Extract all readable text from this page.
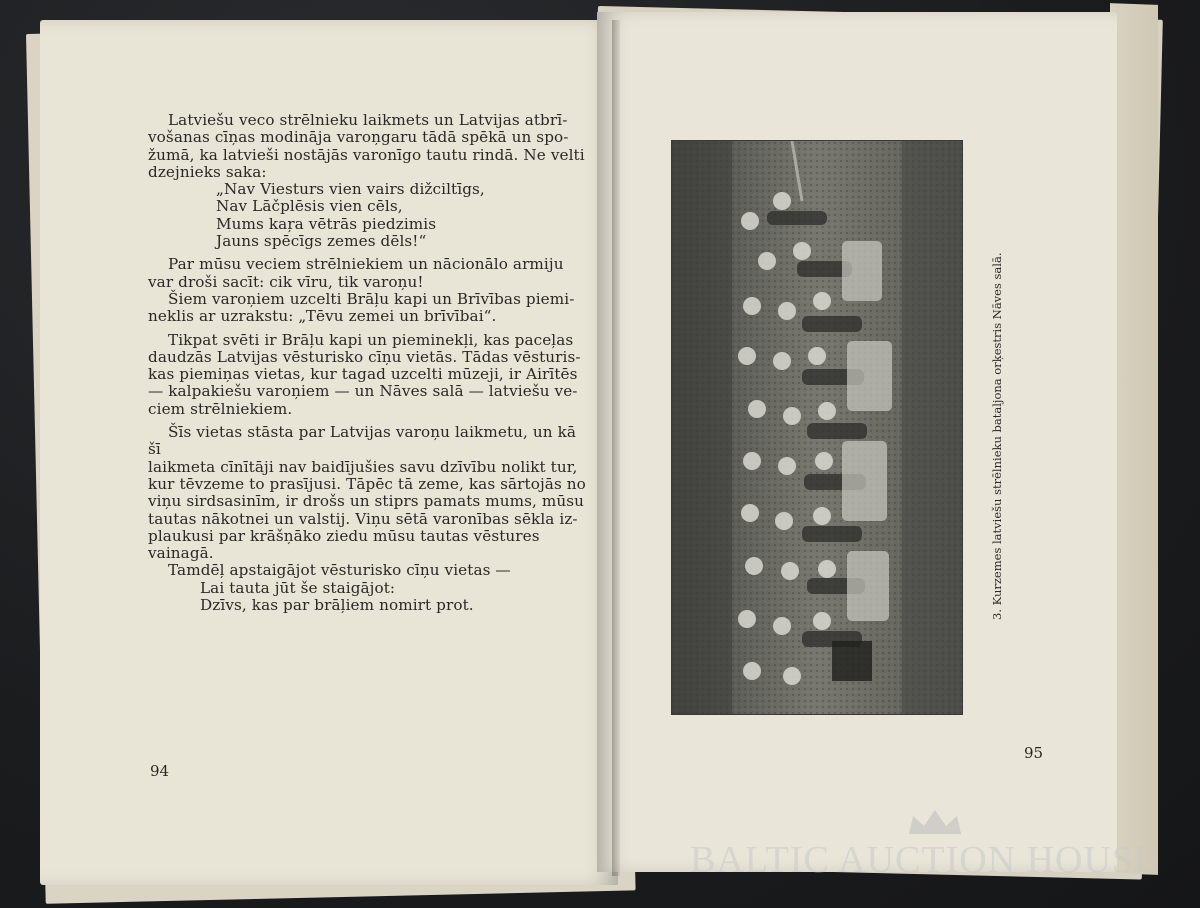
Latviešu veco strēlnieku laikmets un Latvijas atbrī-

vošanas cīņas modināja varoņgaru tādā spēkā un spo-

žumā, ka latvieši nostājās varonīgo tautu rindā. Ne velti

dzejnieks saka:

„Nav Viesturs vien vairs dižciltīgs,

Nav Lāčplēsis vien cēls,

Mums kaŗa vētrās piedzimis

Jauns spēcīgs zemes dēls!“

Par mūsu veciem strēlniekiem un nācionālo armiju

var droši sacīt: cik vīru, tik varoņu!

Šiem varoņiem uzcelti Brāļu kapi un Brīvības piemi-

neklis ar uzrakstu: „Tēvu zemei un brīvībai“.

Tikpat svēti ir Brāļu kapi un pieminekļi, kas paceļas

daudzās Latvijas vēsturisko cīņu vietās. Tādas vēsturis-

kas piemiņas vietas, kur tagad uzcelti mūzeji, ir Airītēs

— kalpakiešu varoņiem — un Nāves salā — latviešu ve-

ciem strēlniekiem.

Šīs vietas stāsta par Latvijas varoņu laikmetu, un kā šī

laikmeta cīnītāji nav baidījušies savu dzīvību nolikt tur,

kur tēvzeme to prasījusi. Tāpēc tā zeme, kas sārtojās no

viņu sirdsasinīm, ir drošs un stiprs pamats mums, mūsu

tautas nākotnei un valstij. Viņu sētā varonības sēkla iz-

plaukusi par krāšņāko ziedu mūsu tautas vēstures vainagā.

Tamdēļ apstaigājot vēsturisko cīņu vietas —

Lai tauta jūt še staigājot:

Dzīvs, kas par brāļiem nomirt prot.

94
3. Kurzemes latviešu strēlnieku bataljona orķestris Nāves salā.
95
BALTIC AUCTION HOUSE
